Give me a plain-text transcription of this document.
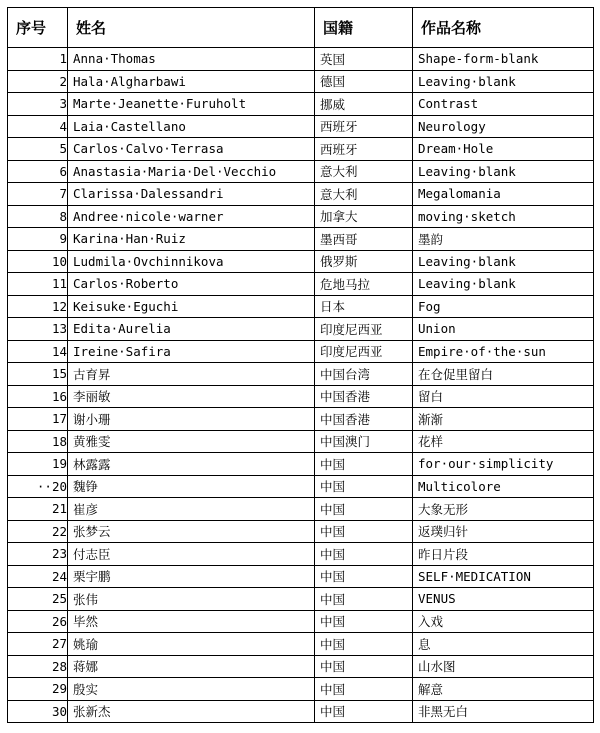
序号	姓名	国籍	作品名称
1	Anna·Thomas	英国	Shape-form-blank
2	Hala·Algharbawi	德国	Leaving·blank
3	Marte·Jeanette·Furuholt	挪威	Contrast
4	Laia·Castellano	西班牙	Neurology
5	Carlos·Calvo·Terrasa	西班牙	Dream·Hole
6	Anastasia·Maria·Del·Vecchio	意大利	Leaving·blank
7	Clarissa·Dalessandri	意大利	Megalomania
8	Andree·nicole·warner	加拿大	moving·sketch
9	Karina·Han·Ruiz	墨西哥	墨韵
10	Ludmila·Ovchinnikova	俄罗斯	Leaving·blank
11	Carlos·Roberto	危地马拉	Leaving·blank
12	Keisuke·Eguchi	日本	Fog
13	Edita·Aurelia	印度尼西亚	Union
14	Ireine·Safira	印度尼西亚	Empire·of·the·sun
15	古育昇	中国台湾	在仓促里留白
16	李丽敏	中国香港	留白
17	谢小珊	中国香港	渐渐
18	黄雅雯	中国澳门	花样
19	林露露	中国	for·our·simplicity
··20	魏铮	中国	Multicolore
21	崔彦	中国	大象无形
22	张梦云	中国	返璞归针
23	付志臣	中国	昨日片段
24	栗宇鹏	中国	SELF·MEDICATION
25	张伟	中国	VENUS
26	毕然	中国	入戏
27	姚瑜	中国	息
28	蒋娜	中国	山水图
29	殷实	中国	解意
30	张新杰	中国	非黑无白
